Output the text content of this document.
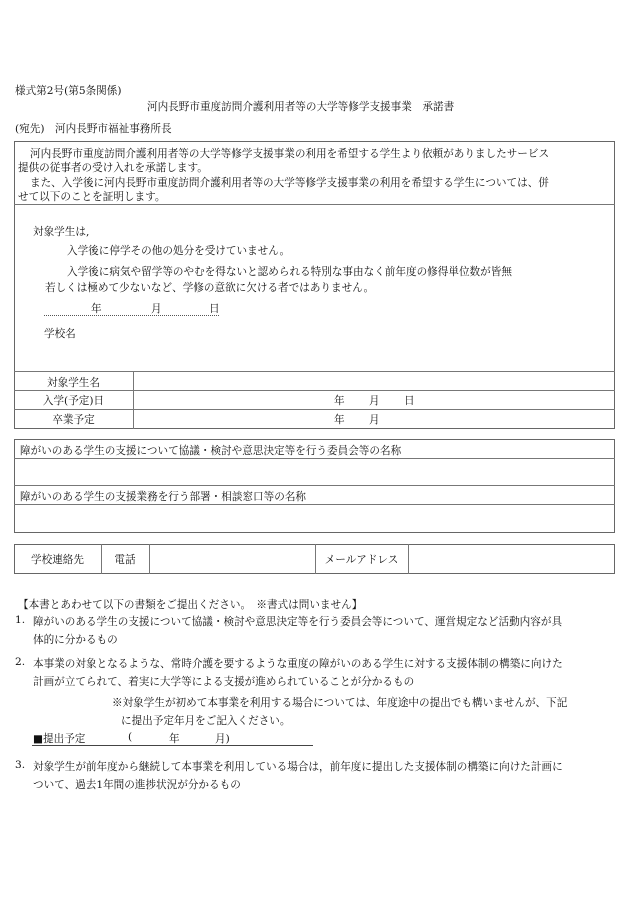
様式第2号(第5条関係)
河内長野市重度訪問介護利用者等の大学等修学支援事業　承諾書
(宛先)　河内長野市福祉事務所長
河内長野市重度訪問介護利用者等の大学等修学支援事業の利用を希望する学生より依頼がありましたサービス
提供の従事者の受け入れを承諾します。
また、入学後に河内長野市重度訪問介護利用者等の大学等修学支援事業の利用を希望する学生については、併
せて以下のことを証明します。
対象学生は,
入学後に停学その他の処分を受けていません。
入学後に病気や留学等のやむを得ないと認められる特別な事由なく前年度の修得単位数が皆無
若しくは極めて少ないなど、学修の意欲に欠ける者ではありません。
年	月	日
学校名
対象学生名
入学(予定)日	年 月 日
卒業予定	年 月
障がいのある学生の支援について協議・検討や意思決定等を行う委員会等の名称
障がいのある学生の支援業務を行う部署・相談窓口等の名称
学校連絡先	電話	メールアドレス
【本書とあわせて以下の書類をご提出ください。　※書式は問いません】
1. 障がいのある学生の支援について協議・検討や意思決定等を行う委員会等について、運営規定など活動内容が具
体的に分かるもの
2. 本事業の対象となるような、常時介護を要するような重度の障がいのある学生に対する支援体制の構築に向けた
計画が立てられて、着実に大学等による支援が進められていることが分かるもの
※対象学生が初めて本事業を利用する場合については、年度途中の提出でも構いませんが、下記
に提出予定年月をご記入ください。
■提出予定	(	年	月)
3. 対象学生が前年度から継続して本事業を利用している場合は，前年度に提出した支援体制の構築に向けた計画に
ついて、過去1年間の進捗状況が分かるもの
